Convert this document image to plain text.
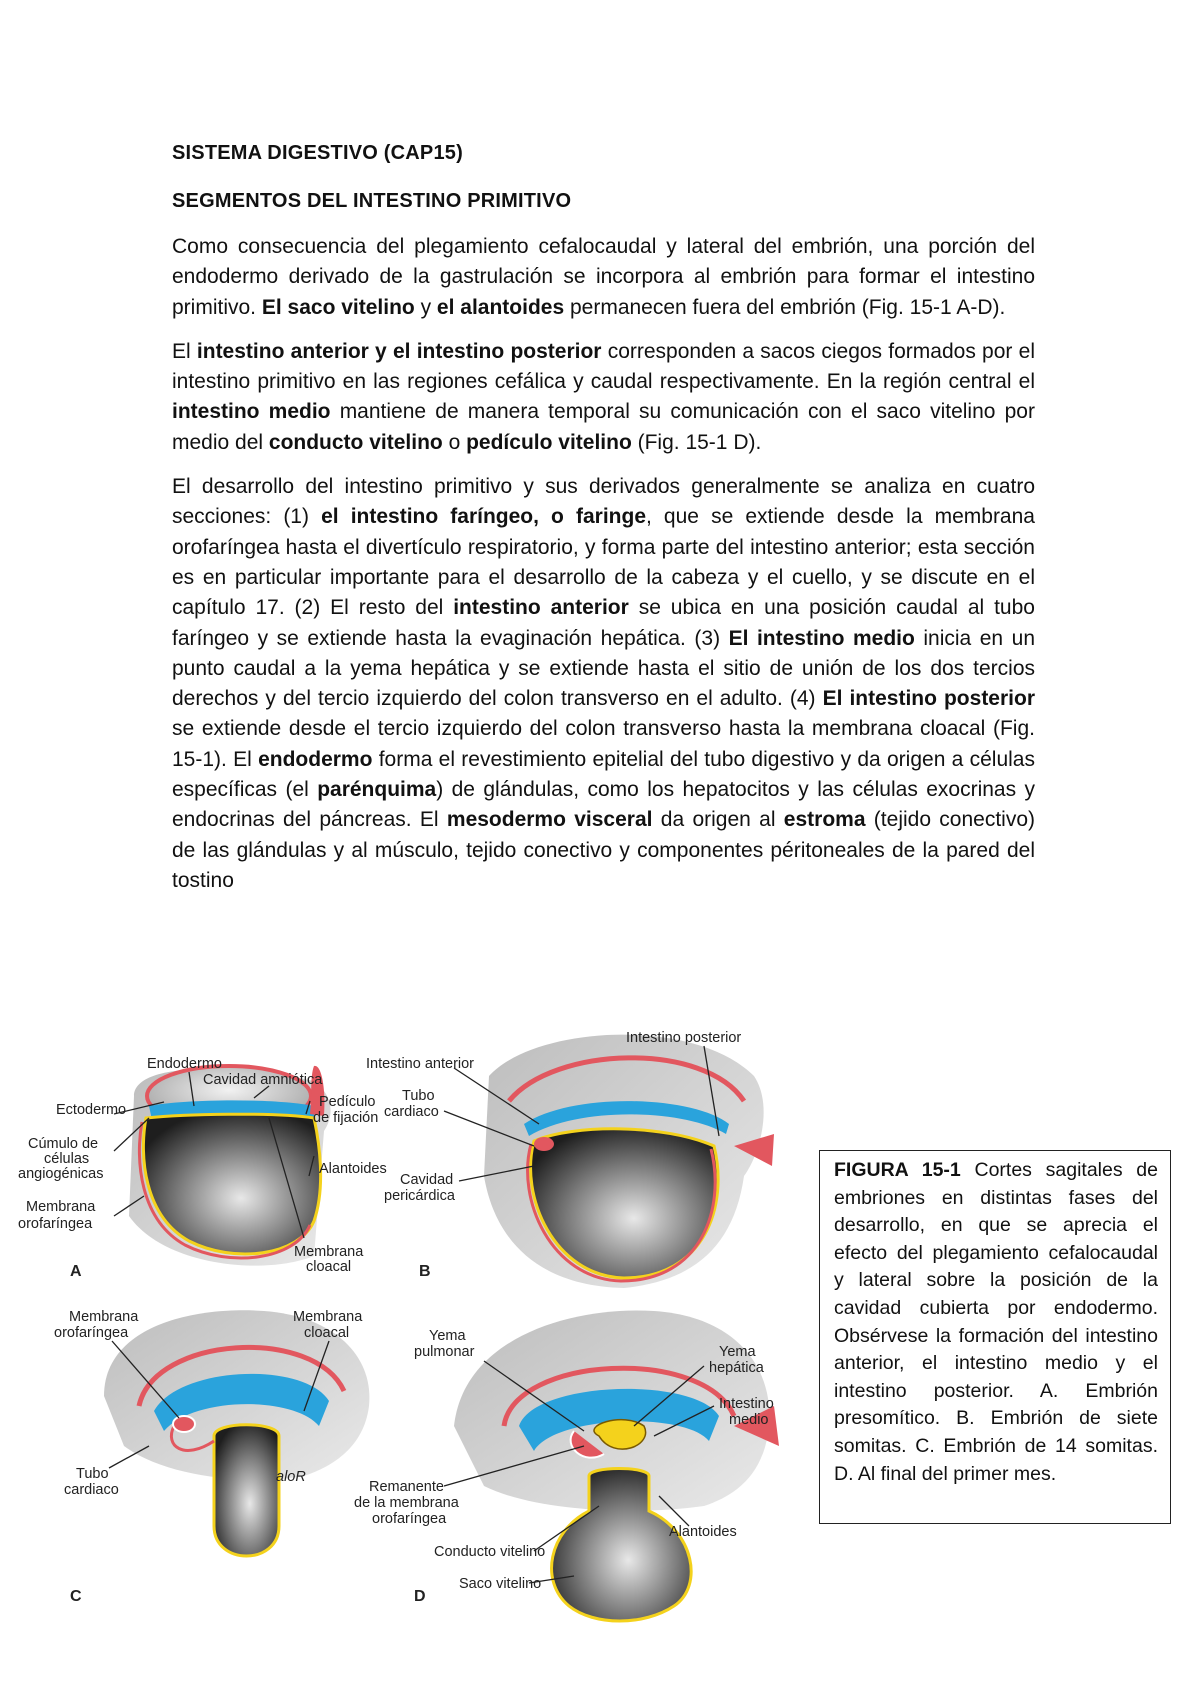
SISTEMA DIGESTIVO (CAP15)
SEGMENTOS DEL INTESTINO PRIMITIVO

Como consecuencia del plegamiento cefalocaudal y lateral del embrión, una porción del endodermo derivado de la gastrulación se incorpora al embrión para formar el intestino primitivo. El saco vitelino y el alantoides permanecen fuera del embrión (Fig. 15-1 A-D).

El intestino anterior y el intestino posterior corresponden a sacos ciegos formados por el intestino primitivo en las regiones cefálica y caudal respectivamente. En la región central el intestino medio mantiene de manera temporal su comunicación con el saco vitelino por medio del conducto vitelino o pedículo vitelino (Fig. 15-1 D).

El desarrollo del intestino primitivo y sus derivados generalmente se analiza en cuatro secciones: (1) el intestino faríngeo, o faringe, que se extiende desde la membrana orofaríngea hasta el divertículo respiratorio, y forma parte del intestino anterior; esta sección es en particular importante para el desarrollo de la cabeza y el cuello, y se discute en el capítulo 17. (2) El resto del intestino anterior se ubica en una posición caudal al tubo faríngeo y se extiende hasta la evaginación hepática. (3) El intestino medio inicia en un punto caudal a la yema hepática y se extiende hasta el sitio de unión de los dos tercios derechos y del tercio izquierdo del colon transverso en el adulto. (4) El intestino posterior se extiende desde el tercio izquierdo del colon transverso hasta la membrana cloacal (Fig. 15-1). El endodermo forma el revestimiento epitelial del tubo digestivo y da origen a células específicas (el parénquima) de glándulas, como los hepatocitos y las células exocrinas y endocrinas del páncreas. El mesodermo visceral da origen al estroma (tejido conectivo) de las glándulas y al músculo, tejido conectivo y componentes péritoneales de la pared del tostino

A
Endodermo
Cavidad amniótica
Pedículo
de fijación
Ectodermo
Cúmulo de
células
angiogénicas	Alantoides
Membrana
orofaríngea
Membrana
cloacal	B
Intestino posterior
Intestino anterior
Tubo
cardiaco
Cavidad
pericárdica
C
Membrana
orofaríngea
Membrana
cloacal
Tubo
cardiaco
aloR
D
Yema
pulmonar	Yema
hepática
Intestino
medio
Remanente
de la membrana
orofaríngea
Alantoides
Conducto vitelino
Saco vitelino

FIGURA 15-1 Cortes sagitales de embriones en distintas fases del desarrollo, en que se aprecia el efecto del plegamiento cefalocaudal y lateral sobre la posición de la cavidad cubierta por endodermo. Obsérvese la formación del intestino anterior, el intestino medio y el intestino posterior. A. Embrión presomítico. B. Embrión de siete somitas. C. Embrión de 14 somitas. D. Al final del primer mes.
